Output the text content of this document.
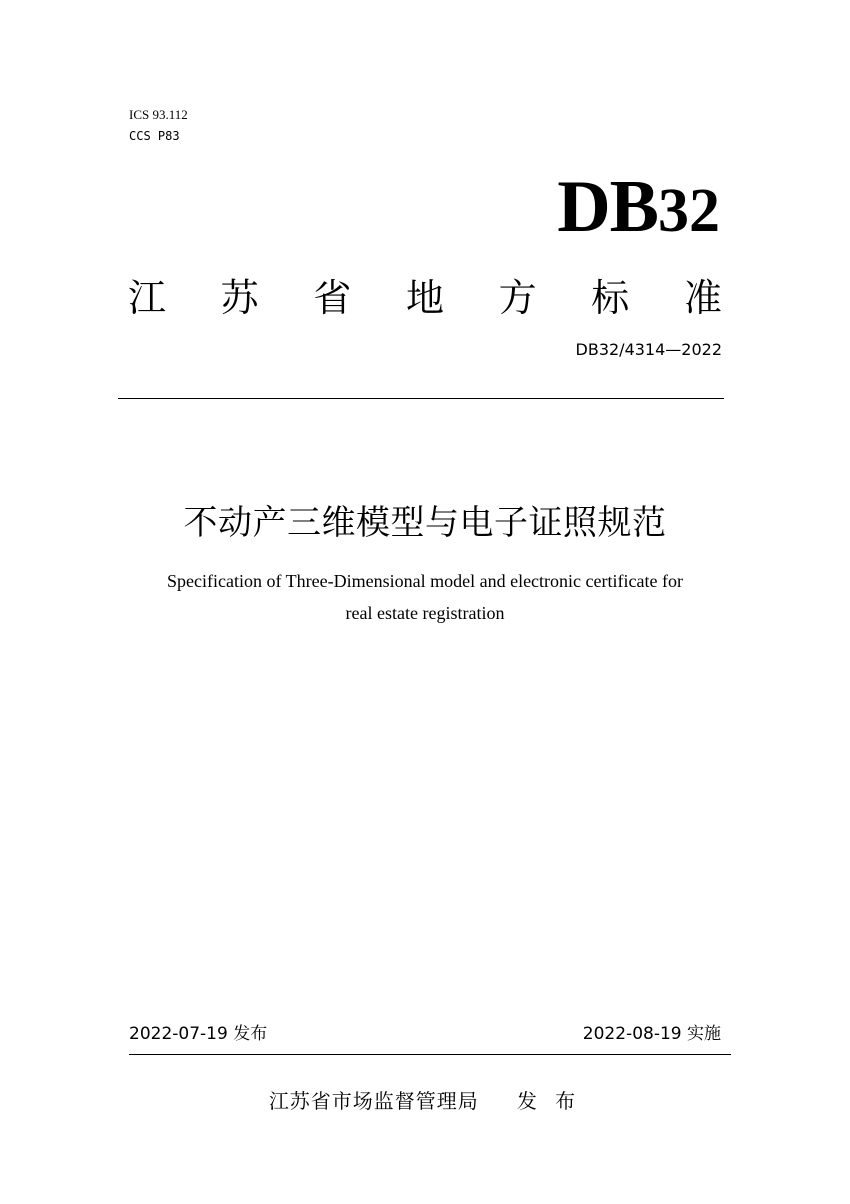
ICS 93.112
CCS P83
DB32
江 苏 省 地 方 标 准
DB32/4314—2022
不动产三维模型与电子证照规范
Specification of Three-Dimensional model and electronic certificate for
real estate registration
2022-07-19 发布	2022-08-19 实施
江苏省市场监督管理局 发 布
